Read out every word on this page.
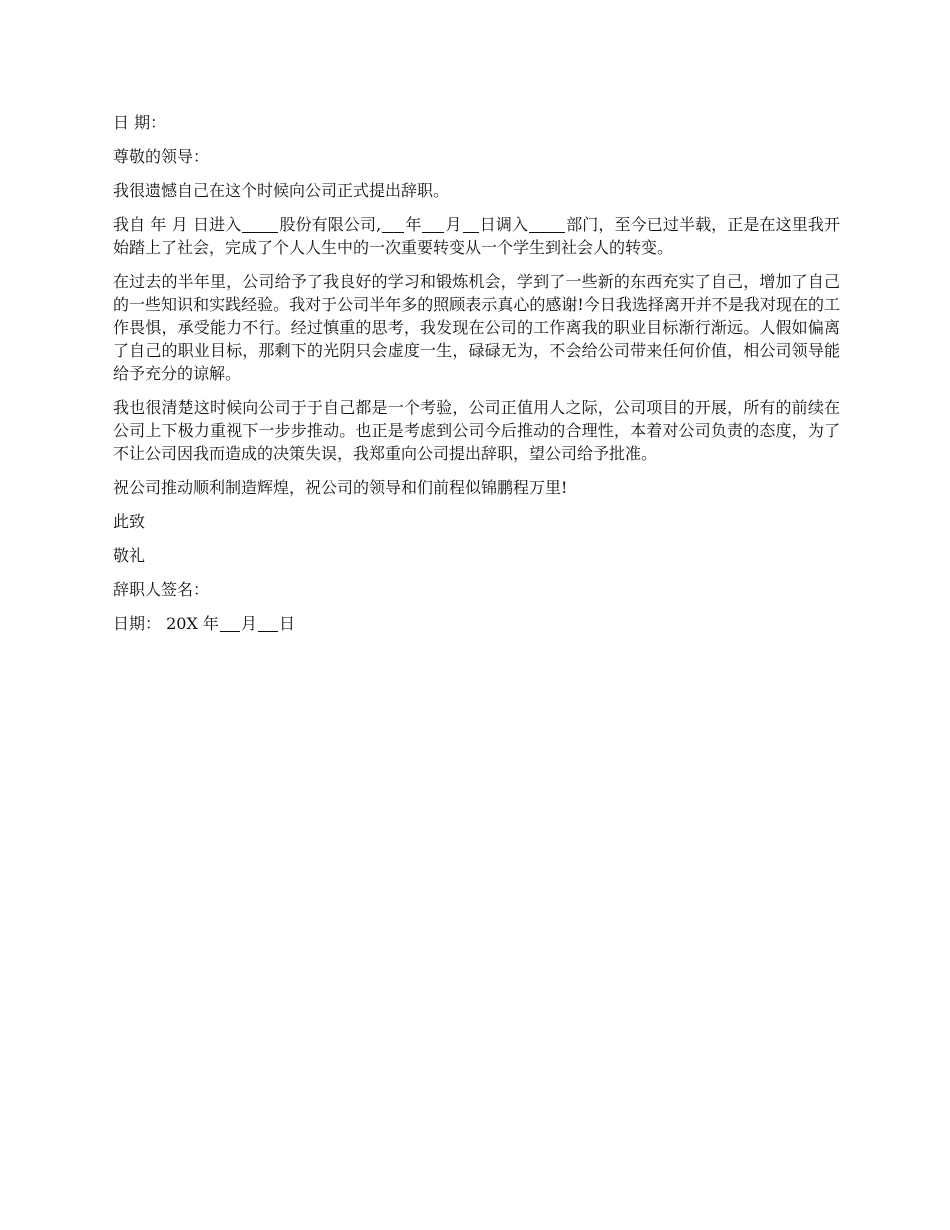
日 期：

尊敬的领导：

我很遗憾自己在这个时候向公司正式提出辞职。

我自 年 月 日进入 股份有限公司, 年 月 日调入 部门，至今已过半载，正是在这里我开始踏上了社会，完成了个人人生中的一次重要转变从一个学生到社会人的转变。

在过去的半年里，公司给予了我良好的学习和锻炼机会，学到了一些新的东西充实了自己，增加了自己的一些知识和实践经验。我对于公司半年多的照顾表示真心的感谢!今日我选择离开并不是我对现在的工作畏惧，承受能力不行。经过慎重的思考，我发现在公司的工作离我的职业目标渐行渐远。人假如偏离了自己的职业目标，那剩下的光阴只会虚度一生，碌碌无为，不会给公司带来任何价值，相公司领导能给予充分的谅解。

我也很清楚这时候向公司于于自己都是一个考验，公司正值用人之际，公司项目的开展，所有的前续在公司上下极力重视下一步步推动。也正是考虑到公司今后推动的合理性，本着对公司负责的态度，为了不让公司因我而造成的决策失误，我郑重向公司提出辞职，望公司给予批准。

祝公司推动顺利制造辉煌，祝公司的领导和们前程似锦鹏程万里!

此致

敬礼

辞职人签名：

日期： 20X 年 月 日
